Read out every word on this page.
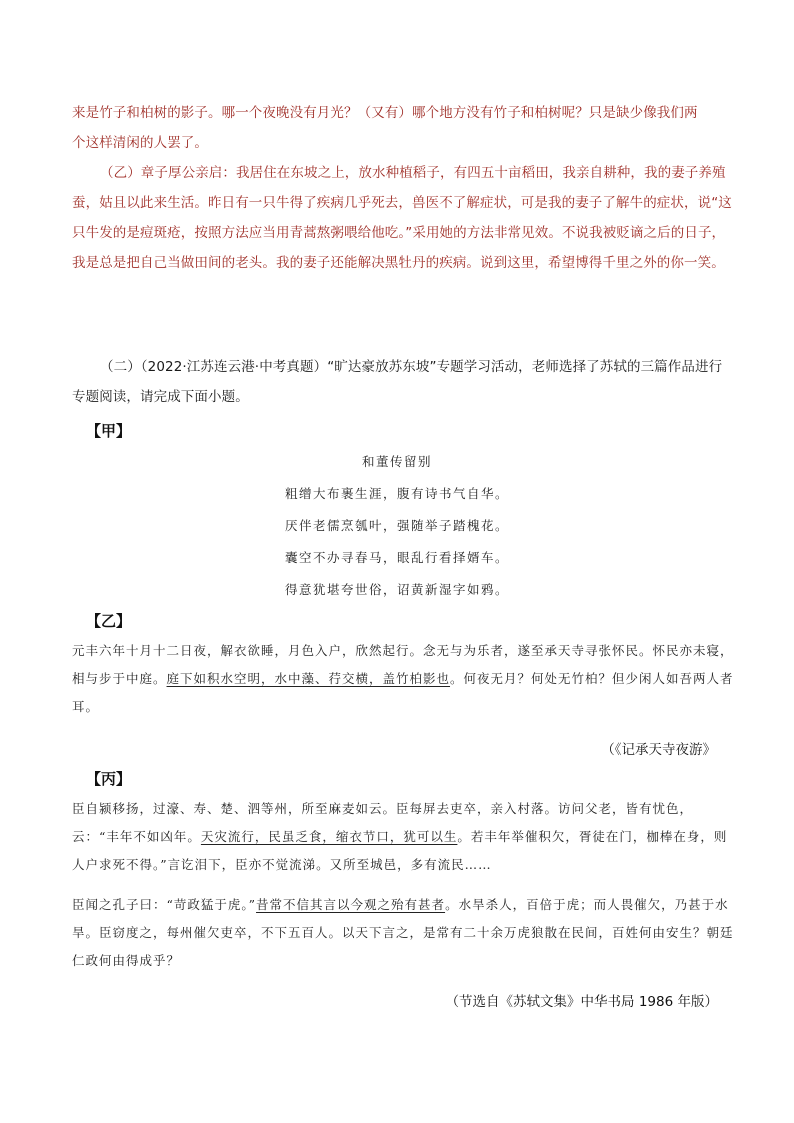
来是竹子和柏树的影子。哪一个夜晚没有月光？（又有）哪个地方没有竹子和柏树呢？只是缺少像我们两
个这样清闲的人罢了。

（乙）章子厚公亲启：我居住在东坡之上，放水种植稻子，有四五十亩稻田，我亲自耕种，我的妻子养殖蚕，姑且以此来生活。昨日有一只牛得了疾病几乎死去，兽医不了解症状，可是我的妻子了解牛的症状，说“这只牛发的是痘斑疮，按照方法应当用青蒿熬粥喂给他吃。”采用她的方法非常见效。不说我被贬谪之后的日子，我是总是把自己当做田间的老头。我的妻子还能解决黑牡丹的疾病。说到这里，希望博得千里之外的你一笑。

（二）（2022·江苏连云港·中考真题）“旷达豪放苏东坡”专题学习活动，老师选择了苏轼的三篇作品进行专题阅读，请完成下面小题。

【甲】
和董传留别
粗缯大布裹生涯，腹有诗书气自华。
厌伴老儒烹瓠叶，强随举子踏槐花。
囊空不办寻春马，眼乱行看择婿车。
得意犹堪夸世俗，诏黄新湿字如鸦。
【乙】

元丰六年十月十二日夜，解衣欲睡，月色入户，欣然起行。念无与为乐者，遂至承天寺寻张怀民。怀民亦未寝，相与步于中庭。庭下如积水空明，水中藻、荇交横，盖竹柏影也。何夜无月？何处无竹柏？但少闲人如吾两人者耳。

（《记承天寺夜游》
【丙】

臣自颍移扬，过濠、寿、楚、泗等州，所至麻麦如云。臣每屏去吏卒，亲入村落。访问父老，皆有忧色，云：“丰年不如凶年。天灾流行，民虽乏食，缩衣节口，犹可以生。若丰年举催积欠，胥徒在门，枷棒在身，则人户求死不得。”言讫泪下，臣亦不觉流涕。又所至城邑，多有流民……

臣闻之孔子曰：“苛政猛于虎。”昔常不信其言以今观之殆有甚者。水旱杀人，百倍于虎；而人畏催欠，乃甚于水旱。臣窃度之，每州催欠吏卒，不下五百人。以天下言之，是常有二十余万虎狼散在民间，百姓何由安生？朝廷仁政何由得成乎？

（节选自《苏轼文集》中华书局 1986 年版）
